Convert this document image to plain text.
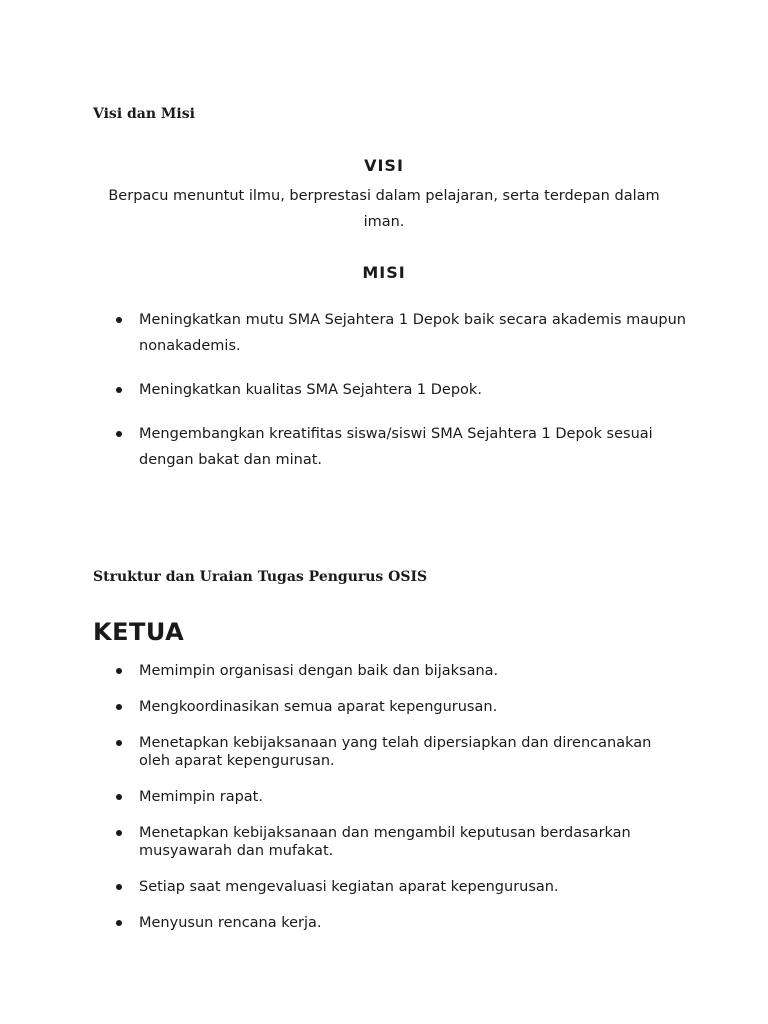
Visi dan Misi
VISI

Berpacu menuntut ilmu, berprestasi dalam pelajaran, serta terdepan dalam iman.

MISI
Meningkatkan mutu SMA Sejahtera 1 Depok baik secara akademis maupun nonakademis.
Meningkatkan kualitas SMA Sejahtera 1 Depok.
Mengembangkan kreatifitas siswa/siswi SMA Sejahtera 1 Depok sesuai dengan bakat dan minat.
Struktur dan Uraian Tugas Pengurus OSIS
KETUA
Memimpin organisasi dengan baik dan bijaksana.
Mengkoordinasikan semua aparat kepengurusan.
Menetapkan kebijaksanaan yang telah dipersiapkan dan direncanakan oleh aparat kepengurusan.
Memimpin rapat.
Menetapkan kebijaksanaan dan mengambil keputusan berdasarkan musyawarah dan mufakat.
Setiap saat mengevaluasi kegiatan aparat kepengurusan.
Menyusun rencana kerja.
